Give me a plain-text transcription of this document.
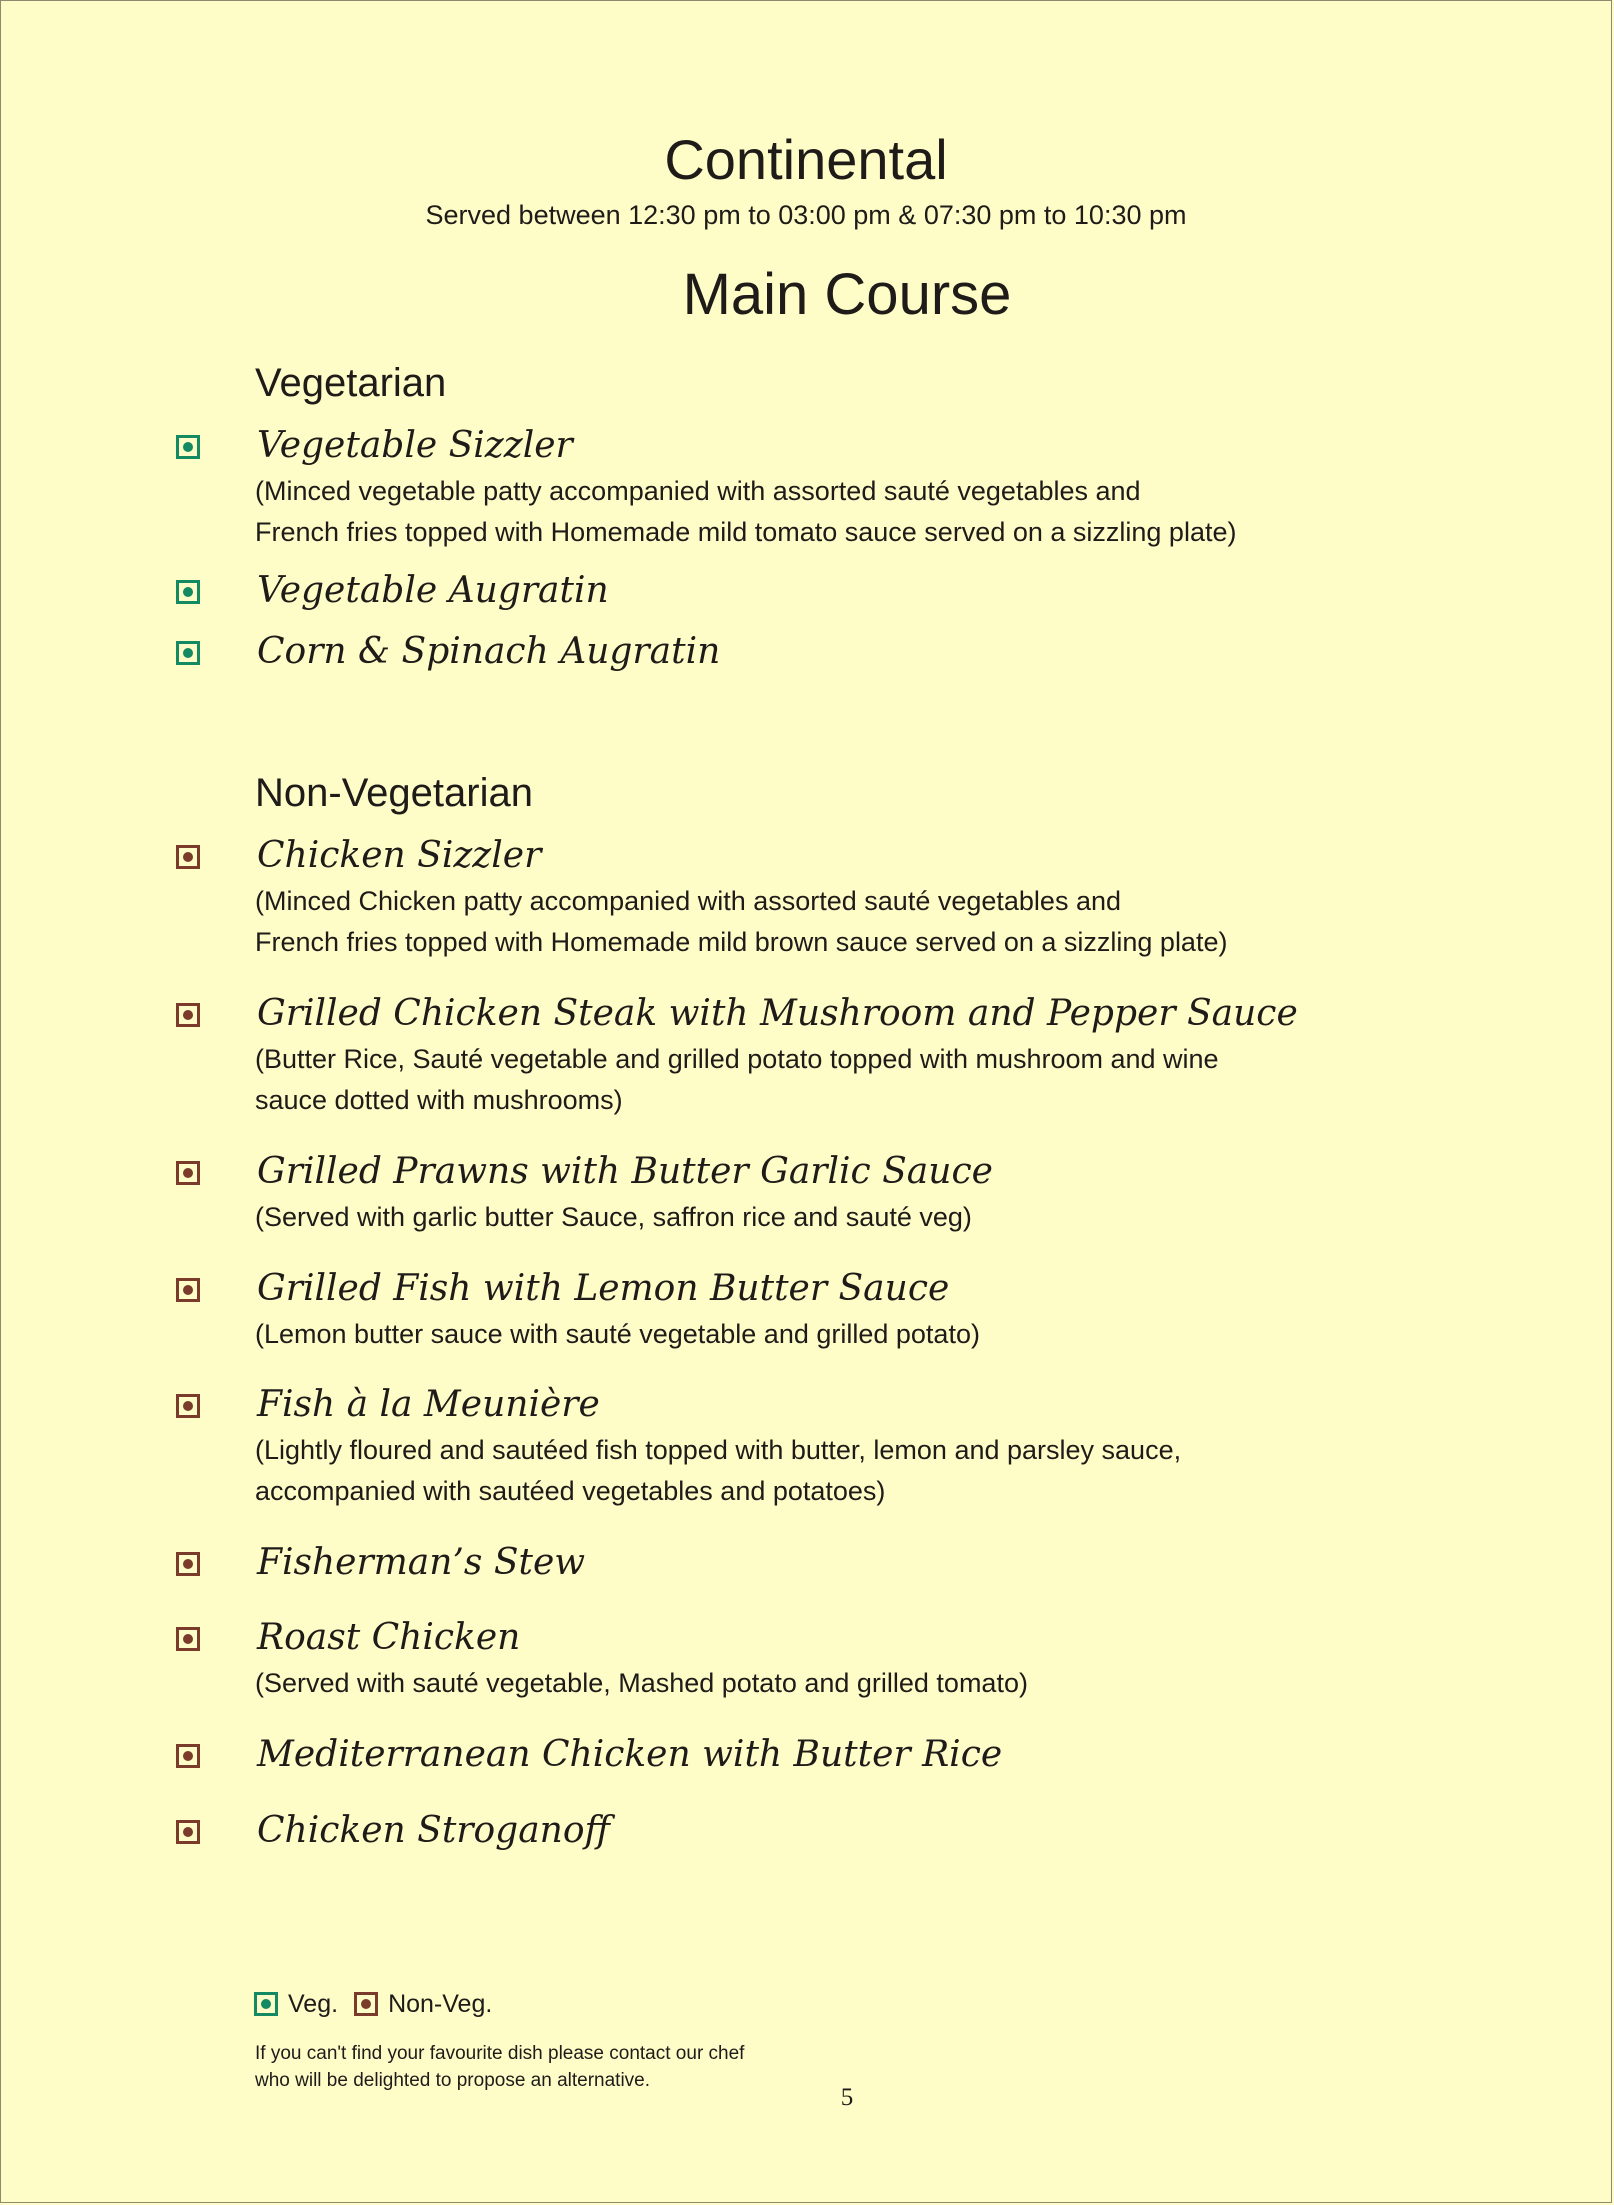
Continental
Served between 12:30 pm to 03:00 pm & 07:30 pm to 10:30 pm
Main Course
Vegetarian
Vegetable Sizzler
(Minced vegetable patty accompanied with assorted sauté vegetables and
French fries topped with Homemade mild tomato sauce served on a sizzling plate)
Vegetable Augratin
Corn & Spinach Augratin
Non-Vegetarian
Chicken Sizzler
(Minced Chicken patty accompanied with assorted sauté vegetables and
French fries topped with Homemade mild brown sauce served on a sizzling plate)
Grilled Chicken Steak with Mushroom and Pepper Sauce
(Butter Rice, Sauté vegetable and grilled potato topped with mushroom and wine
sauce dotted with mushrooms)
Grilled Prawns with Butter Garlic Sauce
(Served with garlic butter Sauce, saffron rice and sauté veg)
Grilled Fish with Lemon Butter Sauce
(Lemon butter sauce with sauté vegetable and grilled potato)
Fish à la Meunière
(Lightly floured and sautéed fish topped with butter, lemon and parsley sauce,
accompanied with sautéed vegetables and potatoes)
Fisherman’s Stew
Roast Chicken
(Served with sauté vegetable, Mashed potato and grilled tomato)
Mediterranean Chicken with Butter Rice
Chicken Stroganoff
Veg. Non-Veg.
If you can't find your favourite dish please contact our chef
who will be delighted to propose an alternative.
5
